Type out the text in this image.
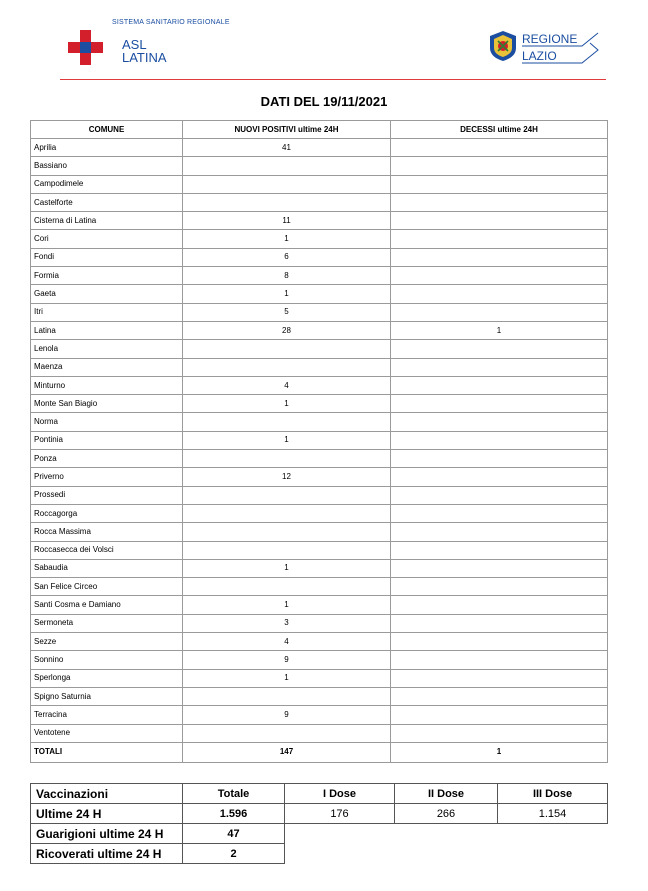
SISTEMA SANITARIO REGIONALE
ASL
LATINA
REGIONE
LAZIO
DATI DEL 19/11/2021
COMUNE	NUOVI POSITIVI ultime 24H	DECESSI ultime 24H
Aprilia	41	
Bassiano		
Campodimele		
Castelforte		
Cisterna di Latina	11	
Cori	1	
Fondi	6	
Formia	8	
Gaeta	1	
Itri	5	
Latina	28	1
Lenola		
Maenza		
Minturno	4	
Monte San Biagio	1	
Norma		
Pontinia	1	
Ponza		
Priverno	12	
Prossedi		
Roccagorga		
Rocca Massima		
Roccasecca dei Volsci		
Sabaudia	1	
San Felice Circeo		
Santi Cosma e Damiano	1	
Sermoneta	3	
Sezze	4	
Sonnino	9	
Sperlonga	1	
Spigno Saturnia		
Terracina	9	
Ventotene		
TOTALI	147	1
Vaccinazioni	Totale	I Dose	II Dose	III Dose
Ultime 24 H	1.596	176	266	1.154
Guarigioni ultime 24 H	47			
Ricoverati ultime 24 H	2			
